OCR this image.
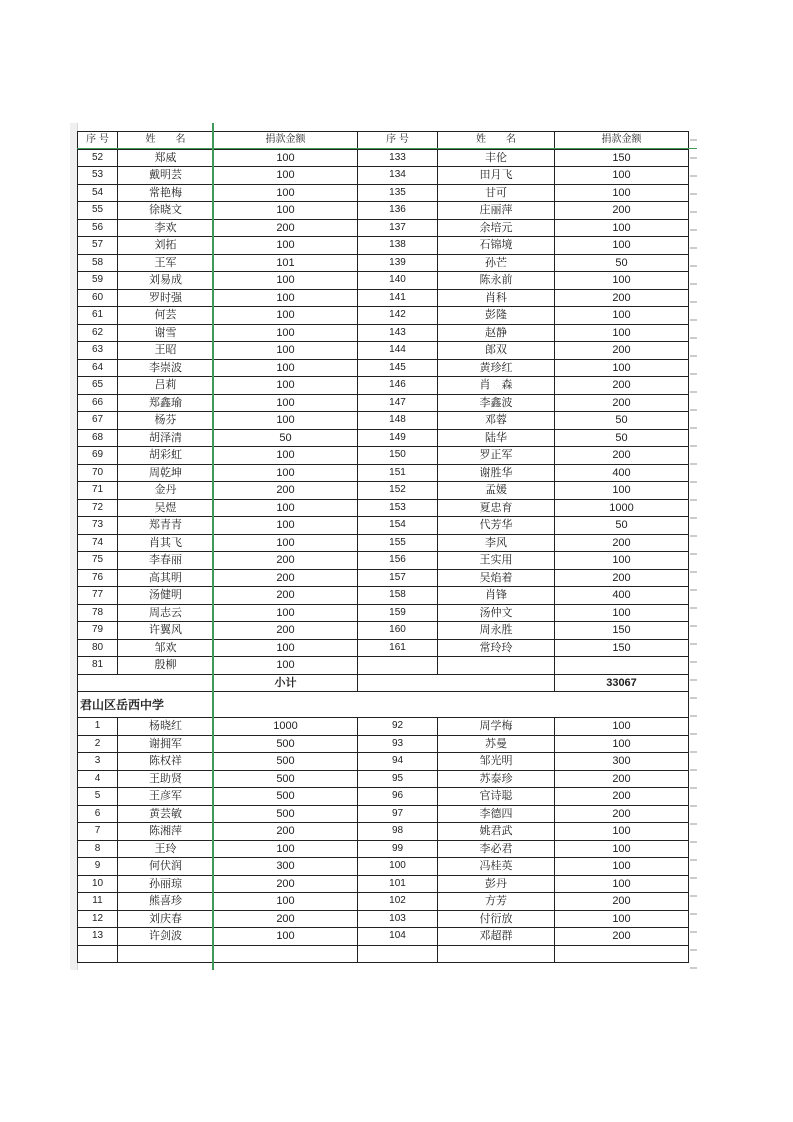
序 号	姓　　名	捐款金额	序 号	姓　　名	捐款金额
52	郑威	100	133	丰伦	150
53	戴明芸	100	134	田月飞	100
54	常艳梅	100	135	甘可	100
55	徐晓文	100	136	庄丽萍	200
56	李欢	200	137	余培元	100
57	刘拓	100	138	石锦境	100
58	王军	101	139	孙芒	50
59	刘易成	100	140	陈永前	100
60	罗时强	100	141	肖科	200
61	何芸	100	142	彭隆	100
62	谢雪	100	143	赵静	100
63	王昭	100	144	郎双	200
64	李崇波	100	145	黄珍红	100
65	吕莉	100	146	肖　森	200
66	郑鑫瑜	100	147	李鑫波	200
67	杨芬	100	148	邓蓉	50
68	胡泽清	50	149	陆华	50
69	胡彩虹	100	150	罗正军	200
70	周乾坤	100	151	谢胜华	400
71	金丹	200	152	孟媛	100
72	吴煜	100	153	夏忠育	1000
73	郑青青	100	154	代芳华	50
74	肖其飞	100	155	李风	200
75	李春丽	200	156	王实用	100
76	高其明	200	157	吴焰着	200
77	汤健明	200	158	肖锋	400
78	周志云	100	159	汤仲文	100
79	许翼风	200	160	周永胜	150
80	邹欢	100	161	常玲玲	150
81	殷柳	100			
		小计			33067
君山区岳西中学					
1	杨晓红	1000	92	周学梅	100
2	谢拥军	500	93	苏曼	100
3	陈权祥	500	94	邹光明	300
4	王助贤	500	95	苏泰珍	200
5	王彦军	500	96	官诗聪	200
6	黄芸敏	500	97	李德四	200
7	陈湘萍	200	98	姚君武	100
8	王玲	100	99	李必君	100
9	何伏润	300	100	冯桂英	100
10	孙丽琼	200	101	彭丹	100
11	熊喜珍	100	102	方芳	200
12	刘庆春	200	103	付衍放	100
13	许剑波	100	104	邓超群	200
